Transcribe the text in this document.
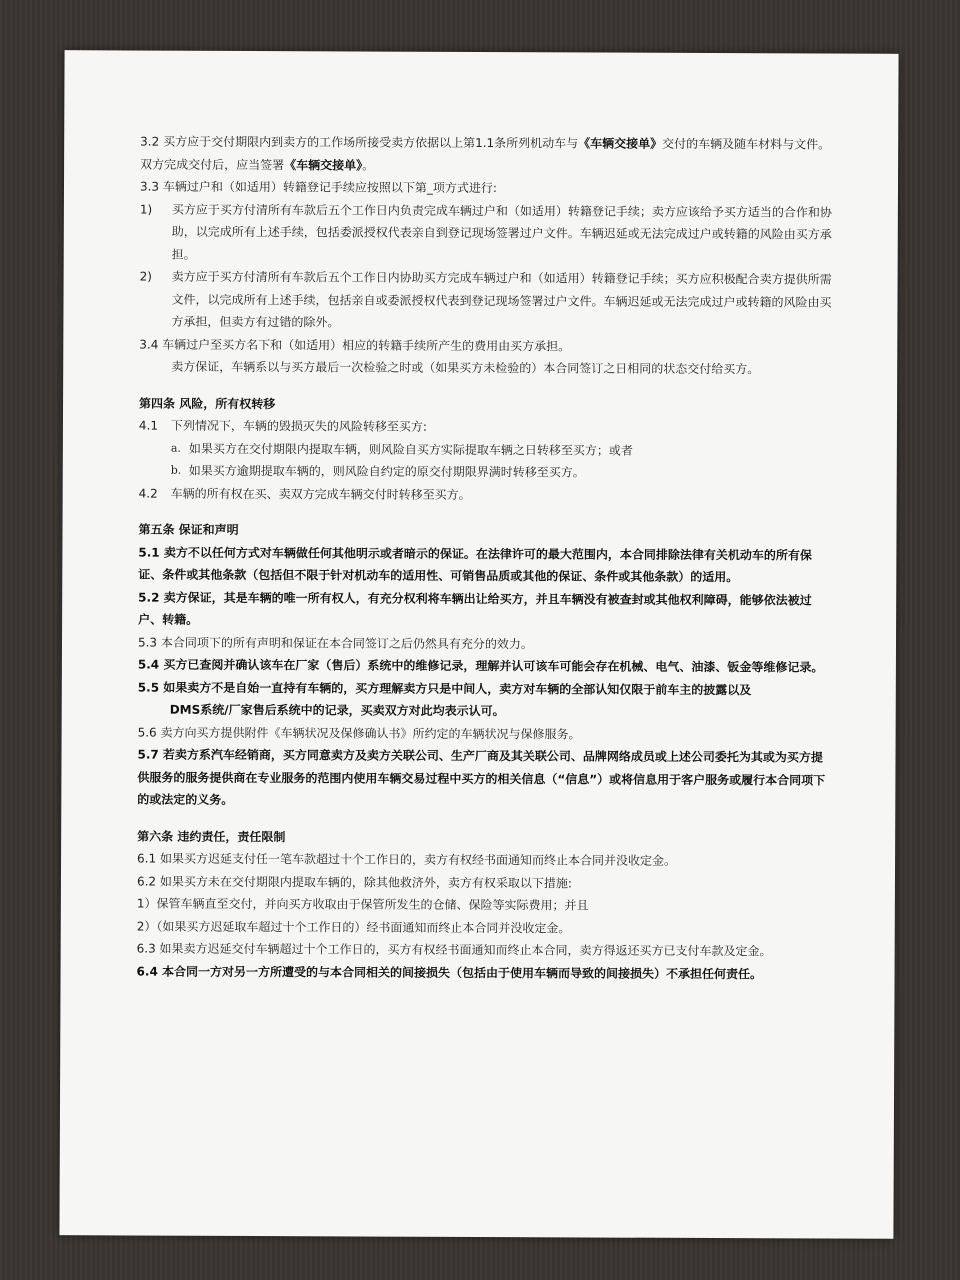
3.2 买方应于交付期限内到卖方的工作场所接受卖方依据以上第1.1条所列机动车与《车辆交接单》交付的车辆及随车材料与文件。双方完成交付后，应当签署《车辆交接单》。

3.3 车辆过户和（如适用）转籍登记手续应按照以下第_项方式进行:

1)	买方应于买方付清所有车款后五个工作日内负责完成车辆过户和（如适用）转籍登记手续；卖方应该给予买方适当的合作和协助，以完成所有上述手续，包括委派授权代表亲自到登记现场签署过户文件。车辆迟延或无法完成过户或转籍的风险由买方承担。
2)	卖方应于买方付清所有车款后五个工作日内协助买方完成车辆过户和（如适用）转籍登记手续；买方应积极配合卖方提供所需文件，以完成所有上述手续，包括亲自或委派授权代表到登记现场签署过户文件。车辆迟延或无法完成过户或转籍的风险由买方承担，但卖方有过错的除外。

3.4 车辆过户至买方名下和（如适用）相应的转籍手续所产生的费用由买方承担。

卖方保证，车辆系以与买方最后一次检验之时或（如果买方未检验的）本合同签订之日相同的状态交付给买方。

第四条 风险，所有权转移

4.1	下列情况下，车辆的毁损灭失的风险转移至买方:
a. 如果买方在交付期限内提取车辆，则风险自买方实际提取车辆之日转移至买方；或者
b. 如果买方逾期提取车辆的，则风险自约定的原交付期限界满时转移至买方。
4.2	车辆的所有权在买、卖双方完成车辆交付时转移至买方。

第五条 保证和声明

5.1 卖方不以任何方式对车辆做任何其他明示或者暗示的保证。在法律许可的最大范围内，本合同排除法律有关机动车的所有保证、条件或其他条款（包括但不限于针对机动车的适用性、可销售品质或其他的保证、条件或其他条款）的适用。

5.2 卖方保证，其是车辆的唯一所有权人，有充分权利将车辆出让给买方，并且车辆没有被查封或其他权利障碍，能够依法被过户、转籍。

5.3 本合同项下的所有声明和保证在本合同签订之后仍然具有充分的效力。

5.4 买方已查阅并确认该车在厂家（售后）系统中的维修记录，理解并认可该车可能会存在机械、电气、油漆、钣金等维修记录。

5.5 如果卖方不是自始一直持有车辆的，买方理解卖方只是中间人，卖方对车辆的全部认知仅限于前车主的披露以及
DMS系统/厂家售后系统中的记录，买卖双方对此均表示认可。

5.6 卖方向买方提供附件《车辆状况及保修确认书》所约定的车辆状况与保修服务。

5.7 若卖方系汽车经销商，买方同意卖方及卖方关联公司、生产厂商及其关联公司、品牌网络成员或上述公司委托为其或为买方提供服务的服务提供商在专业服务的范围内使用车辆交易过程中买方的相关信息（“信息”）或将信息用于客户服务或履行本合同项下的或法定的义务。

第六条 违约责任，责任限制

6.1 如果买方迟延支付任一笔车款超过十个工作日的，卖方有权经书面通知而终止本合同并没收定金。

6.2 如果买方未在交付期限内提取车辆的，除其他救济外，卖方有权采取以下措施:

1）保管车辆直至交付，并向买方收取由于保管所发生的仓储、保险等实际费用；并且

2）（如果买方迟延取车超过十个工作日的）经书面通知而终止本合同并没收定金。

6.3 如果卖方迟延交付车辆超过十个工作日的，买方有权经书面通知而终止本合同，卖方得返还买方已支付车款及定金。

6.4 本合同一方对另一方所遭受的与本合同相关的间接损失（包括由于使用车辆而导致的间接损失）不承担任何责任。
